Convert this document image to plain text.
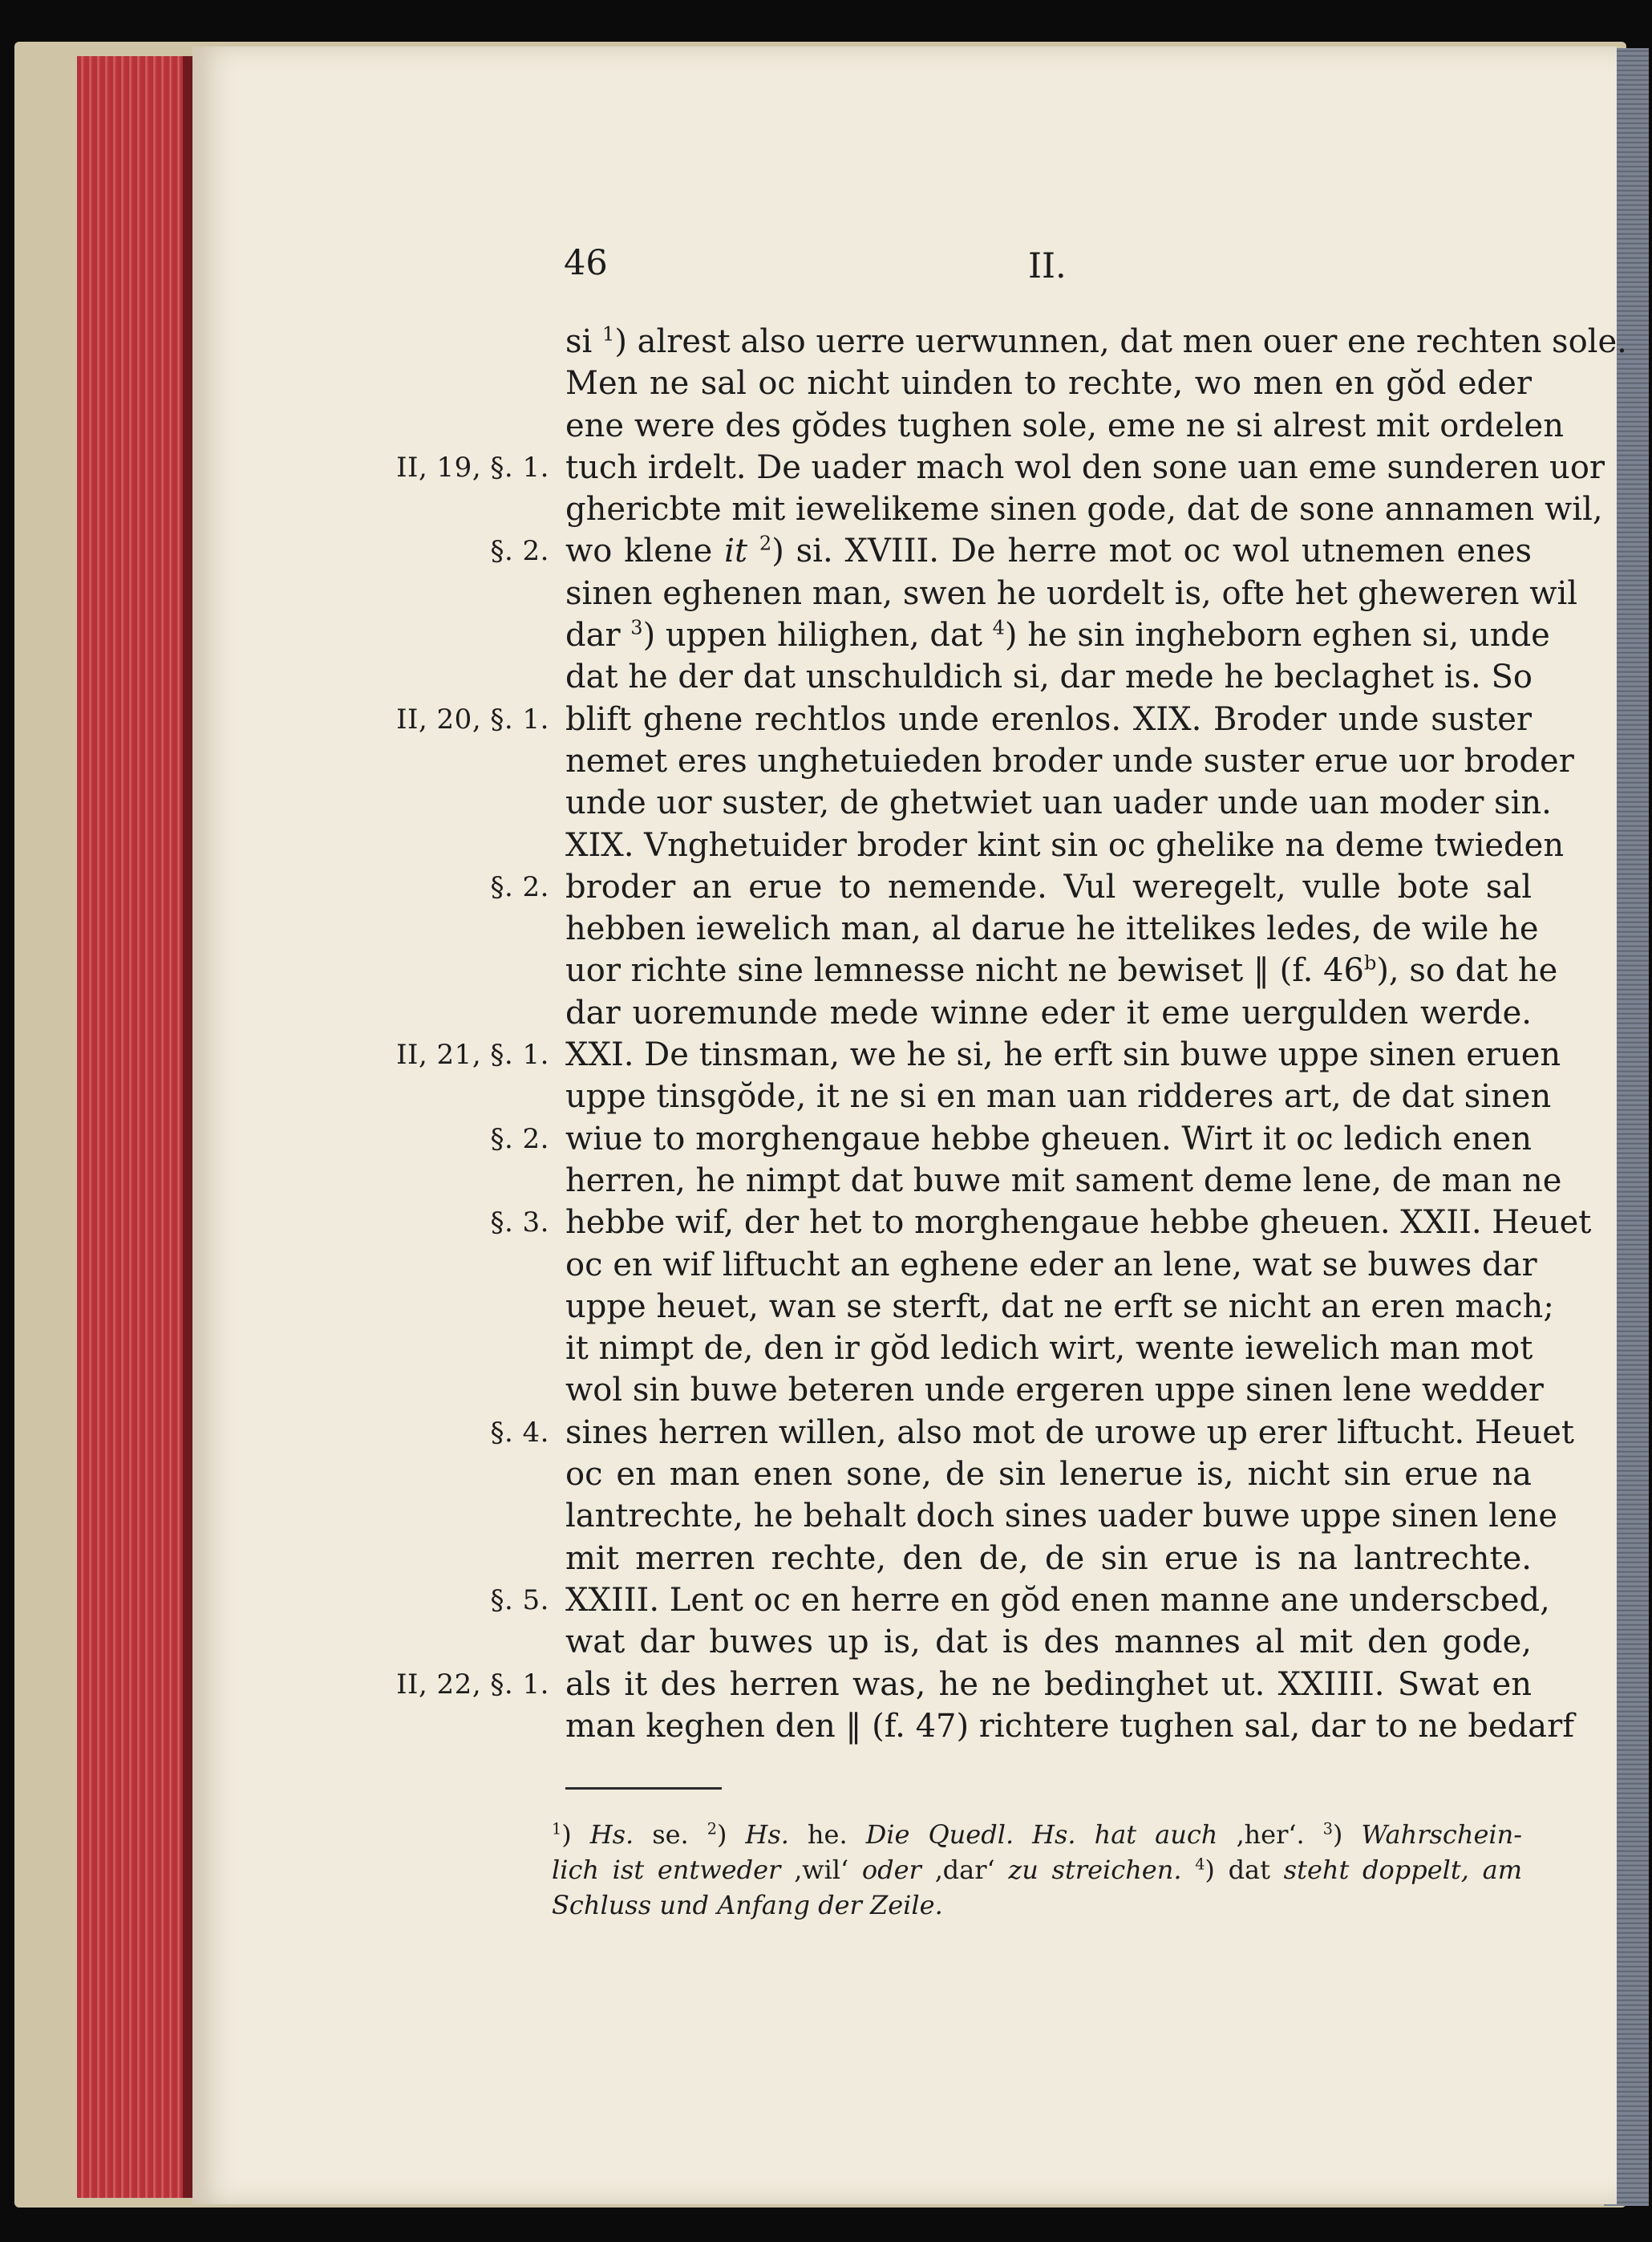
46	II.
si $^1$) alrest also uerre uerwunnen, dat men ouer ene rechten sole.
Men ne sal oc nicht uinden to rechte, wo men en gŏd eder
ene were des gŏdes tughen sole, eme ne si alrest mit ordelen
II, 19, §. 1. tuch irdelt. De uader mach wol den sone uan eme sunderen uor
ghericbte mit iewelikeme sinen gode, dat de sone annamen wil,
§. 2. wo klene it $^2$) si. XVIII. De herre mot oc wol utnemen enes
sinen eghenen man, swen he uordelt is, ofte het gheweren wil
dar $^3$) uppen hilighen, dat $^4$) he sin ingheborn eghen si, unde
dat he der dat unschuldich si, dar mede he beclaghet is. So
II, 20, §. 1. blift ghene rechtlos unde erenlos. XIX. Broder unde suster
nemet eres unghetuieden broder unde suster erue uor broder
unde uor suster, de ghetwiet uan uader unde uan moder sin.
XIX. Vnghetuider broder kint sin oc ghelike na deme twieden
§. 2. broder an erue to nemende. Vul weregelt, vulle bote sal
hebben iewelich man, al darue he ittelikes ledes, de wile he
uor richte sine lemnesse nicht ne bewiset ‖ (f. 46$^b$), so dat he
dar uoremunde mede winne eder it eme uergulden werde.
II, 21, §. 1. XXI. De tinsman, we he si, he erft sin buwe uppe sinen eruen
uppe tinsgŏde, it ne si en man uan ridderes art, de dat sinen
§. 2. wiue to morghengaue hebbe gheuen. Wirt it oc ledich enen
herren, he nimpt dat buwe mit sament deme lene, de man ne
§. 3. hebbe wif, der het to morghengaue hebbe gheuen. XXII. Heuet
oc en wif liftucht an eghene eder an lene, wat se buwes dar
uppe heuet, wan se sterft, dat ne erft se nicht an eren mach;
it nimpt de, den ir gŏd ledich wirt, wente iewelich man mot
wol sin buwe beteren unde ergeren uppe sinen lene wedder
§. 4. sines herren willen, also mot de urowe up erer liftucht. Heuet
oc en man enen sone, de sin lenerue is, nicht sin erue na
lantrechte, he behalt doch sines uader buwe uppe sinen lene
mit merren rechte, den de, de sin erue is na lantrechte.
§. 5. XXIII. Lent oc en herre en gŏd enen manne ane underscbed,
wat dar buwes up is, dat is des mannes al mit den gode,
II, 22, §. 1. als it des herren was, he ne bedinghet ut. XXIIII. Swat en
man keghen den ‖ (f. 47) richtere tughen sal, dar to ne bedarf
$^1$) Hs. se. $^2$) Hs. he. Die Quedl. Hs. hat auch ‚her‘. $^3$) Wahrschein-
lich ist entweder ‚wil‘ oder ‚dar‘ zu streichen. $^4$) dat steht doppelt, am
Schluss und Anfang der Zeile.
